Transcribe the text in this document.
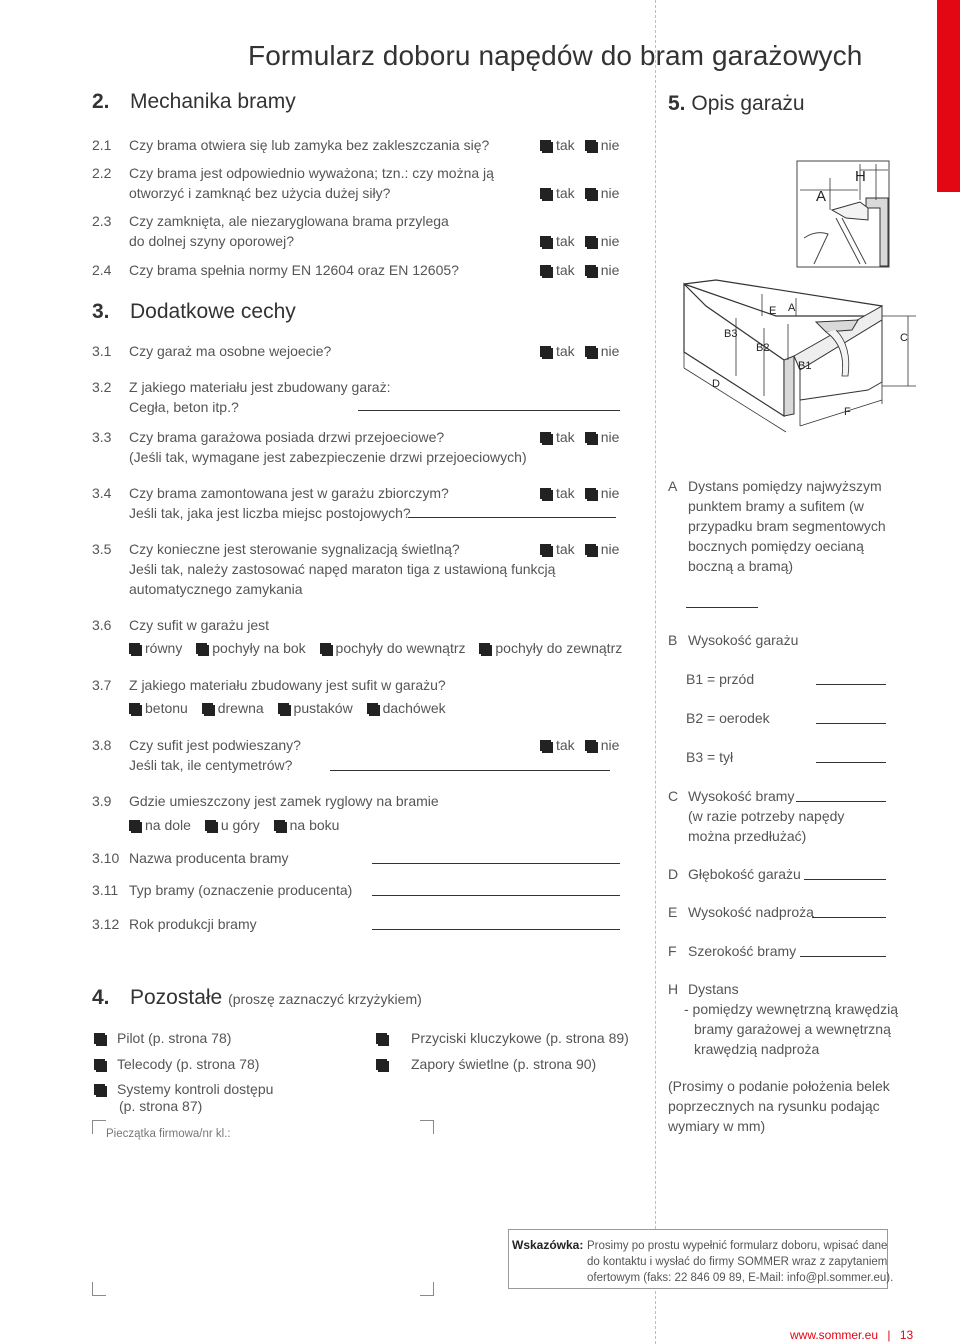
Formularz doboru napędów do bram garażowych
2. Mechanika bramy	5. Opis garażu
2.1 Czy brama otwiera się lub zamyka bez zakleszczania się?	tak nie
2.2 Czy brama jest odpowiednio wyważona; tzn.: czy można ją
otworzyć i zamknąć bez użycia dużej siły?	tak nie
2.3 Czy zamknięta, ale niezaryglowana brama przylega
do dolnej szyny oporowej?	tak nie
2.4 Czy brama spełnia normy EN 12604 oraz EN 12605?	tak nie
3. Dodatkowe cechy
3.1 Czy garaż ma osobne wejoecie?	tak nie
3.2 Z jakiego materiału jest zbudowany garaż:
Cegła, beton itp.?
3.3 Czy brama garażowa posiada drzwi przejoeciowe?
(Jeśli tak, wymagane jest zabezpieczenie drzwi przejoeciowych)
tak nie
3.4 Czy brama zamontowana jest w garażu zbiorczym?
Jeśli tak, jaka jest liczba miejsc postojowych?
tak nie
3.5 Czy konieczne jest sterowanie sygnalizacją świetlną?
Jeśli tak, należy zastosować napęd maraton tiga z ustawioną funkcją
automatycznego zamykania
tak nie
3.6 Czy sufit w garażu jest
równy pochyły na bok pochyły do wewnątrz pochyły do zewnątrz
3.7 Z jakiego materiału zbudowany jest sufit w garażu?
betonu drewna pustaków dachówek
3.8 Czy sufit jest podwieszany?
Jeśli tak, ile centymetrów?
tak nie
3.9 Gdzie umieszczony jest zamek ryglowy na bramie
na dole u góry na boku
3.10 Nazwa producenta bramy
3.11 Typ bramy (oznaczenie producenta)
3.12 Rok produkcji bramy
4. Pozostałe (proszę zaznaczyć krzyżykiem)
Pilot (p. strona 78)
Telecody (p. strona 78)
Systemy kontroli dostępu
(p. strona 87)
Przyciski kluczykowe (p. strona 89)
Zapory świetlne (p. strona 90)
Pieczątka firmowa/nr kl.:
A
H
E A
B3
B2
B1
C
D
F
A Dystans pomiędzy najwyższym
punktem bramy a sufitem (w
przypadku bram segmentowych
bocznych pomiędzy oecianą
boczną a bramą)
B Wysokość garażu
B1 = przód
B2 = oerodek
B3 = tył
C Wysokość bramy
(w razie potrzeby napędy
można przedłużać)
D Głębokość garażu
E Wysokość nadproża
F Szerokość bramy
H Dystans
- pomiędzy wewnętrzną krawędzią
bramy garażowej a wewnętrzną
krawędzią nadproża
(Prosimy o podanie położenia belek
poprzecznych na rysunku podając
wymiary w mm)
Wskazówka: Prosimy po prostu wypełnić formularz doboru, wpisać dane
do kontaktu i wysłać do firmy SOMMER wraz z zapytaniem
ofertowym (faks: 22 846 09 89, E-Mail: info@pl.sommer.eu).
www.sommer.eu | 13
